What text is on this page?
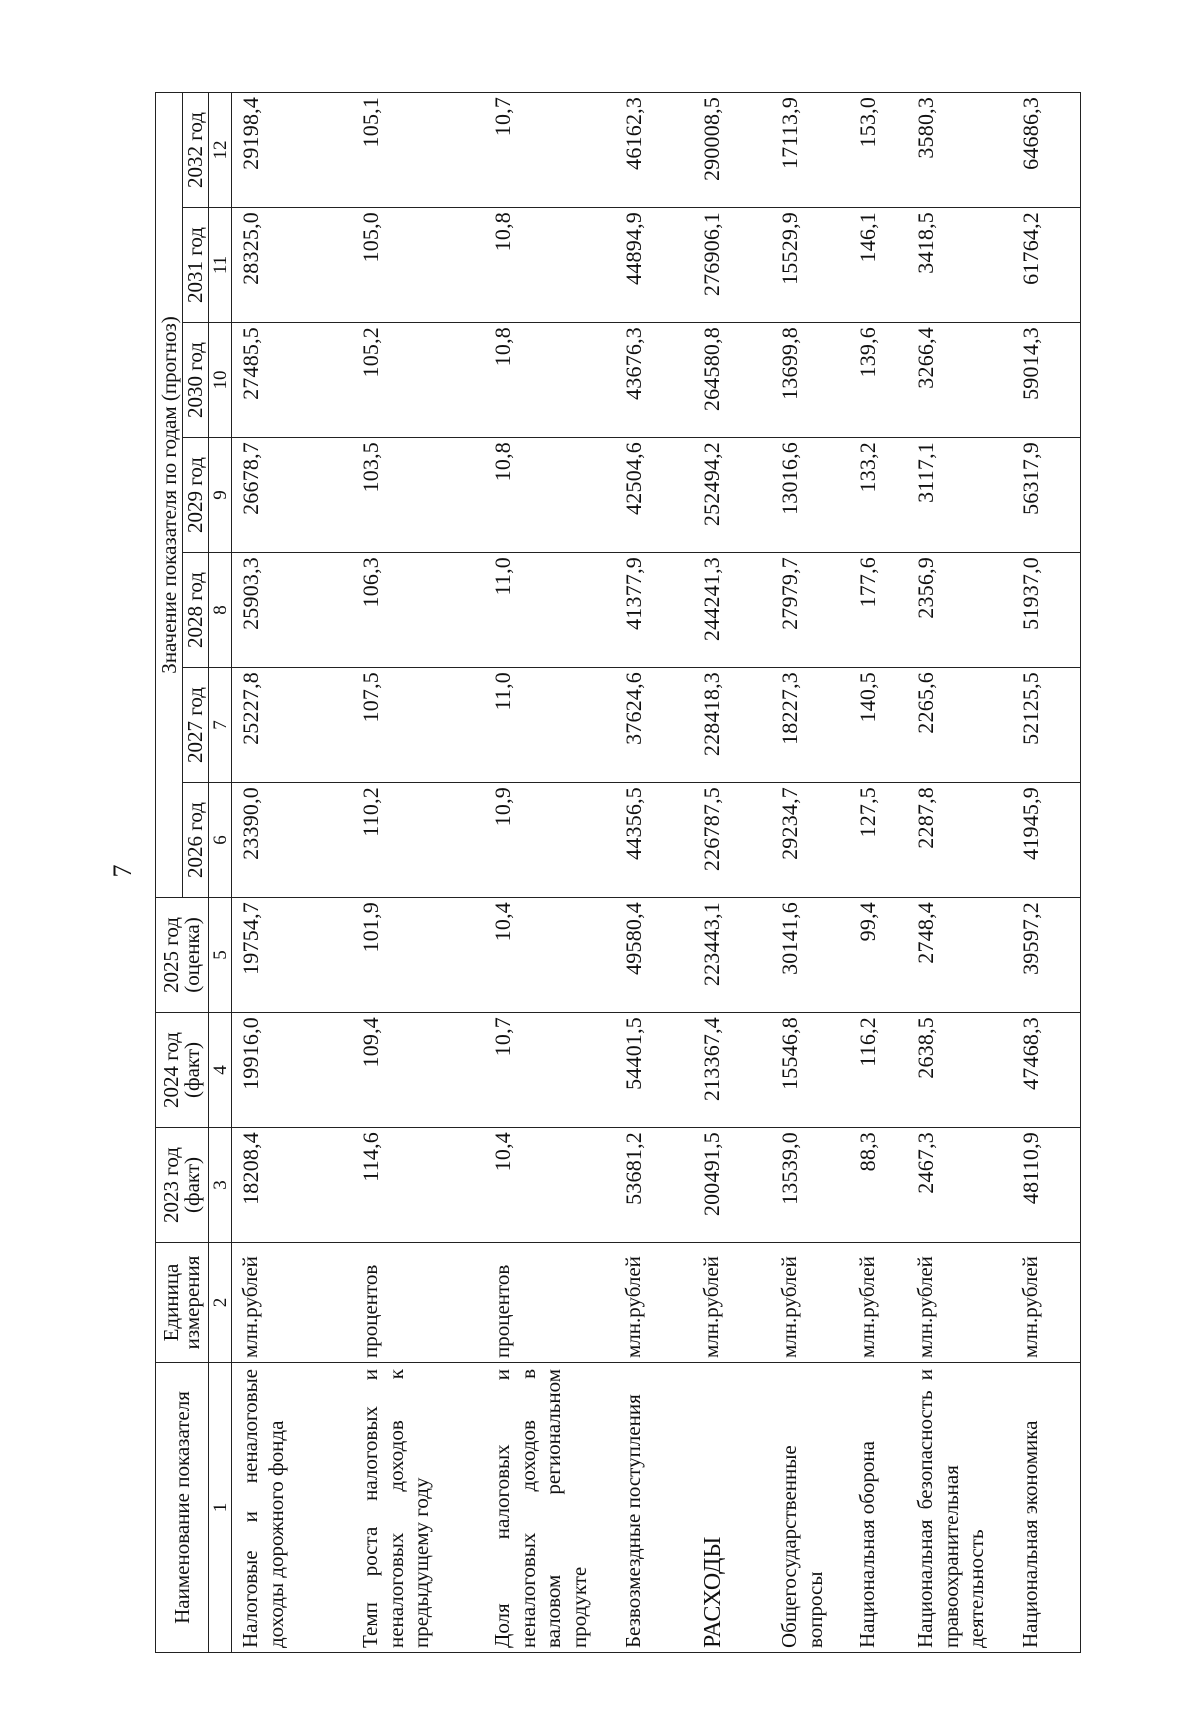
7
Наименование показателя	Единица измерения	2023 год (факт)	2024 год (факт)	2025 год (оценка)	Значение показателя по годам (прогноз)						
					2026 год	2027 год	2028 год	2029 год	2030 год	2031 год	2032 год
1	2	3	4	5	6	7	8	9	10	11	12
Налоговые и неналоговые доходы дорожного фонда	млн.рублей	18208,4	19916,0	19754,7	23390,0	25227,8	25903,3	26678,7	27485,5	28325,0	29198,4
Темп роста налоговых и неналоговых доходов к предыдущему году	процентов	114,6	109,4	101,9	110,2	107,5	106,3	103,5	105,2	105,0	105,1
Доля налоговых и неналоговых доходов в валовом региональном продукте	процентов	10,4	10,7	10,4	10,9	11,0	11,0	10,8	10,8	10,8	10,7
Безвозмездные поступления	млн.рублей	53681,2	54401,5	49580,4	44356,5	37624,6	41377,9	42504,6	43676,3	44894,9	46162,3
РАСХОДЫ	млн.рублей	200491,5	213367,4	223443,1	226787,5	228418,3	244241,3	252494,2	264580,8	276906,1	290008,5
Общегосударственные вопросы	млн.рублей	13539,0	15546,8	30141,6	29234,7	18227,3	27979,7	13016,6	13699,8	15529,9	17113,9
Национальная оборона	млн.рублей	88,3	116,2	99,4	127,5	140,5	177,6	133,2	139,6	146,1	153,0
Национальная безопасность и правоохранительная деятельность	млн.рублей	2467,3	2638,5	2748,4	2287,8	2265,6	2356,9	3117,1	3266,4	3418,5	3580,3
Национальная экономика	млн.рублей	48110,9	47468,3	39597,2	41945,9	52125,5	51937,0	56317,9	59014,3	61764,2	64686,3
